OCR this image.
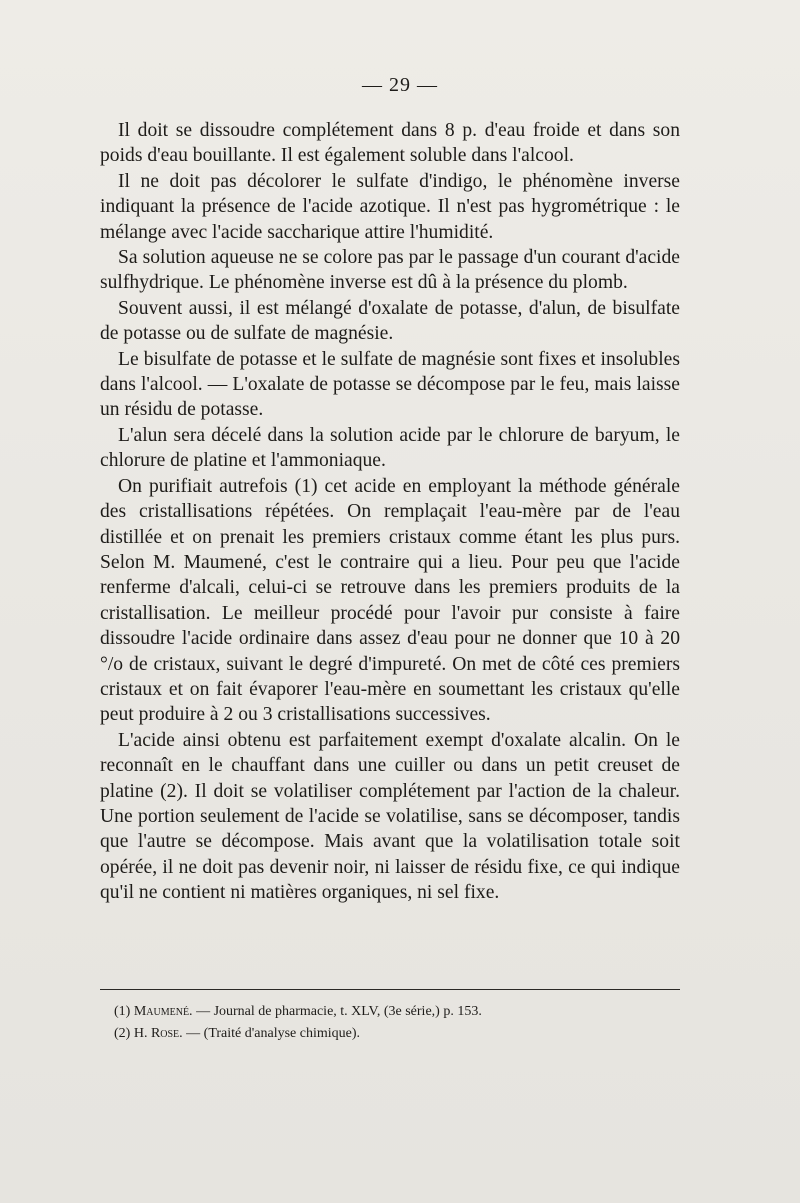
— 29 —

Il doit se dissoudre complétement dans 8 p. d'eau froide et dans son poids d'eau bouillante. Il est également soluble dans l'alcool.

Il ne doit pas décolorer le sulfate d'indigo, le phénomène inverse indiquant la présence de l'acide azotique. Il n'est pas hygrométrique : le mélange avec l'acide saccharique attire l'humidité.

Sa solution aqueuse ne se colore pas par le passage d'un courant d'acide sulfhydrique. Le phénomène inverse est dû à la présence du plomb.

Souvent aussi, il est mélangé d'oxalate de potasse, d'alun, de bisulfate de potasse ou de sulfate de magnésie.

Le bisulfate de potasse et le sulfate de magnésie sont fixes et insolubles dans l'alcool. — L'oxalate de potasse se décompose par le feu, mais laisse un résidu de potasse.

L'alun sera décelé dans la solution acide par le chlorure de baryum, le chlorure de platine et l'ammoniaque.

On purifiait autrefois (1) cet acide en employant la méthode générale des cristallisations répétées. On remplaçait l'eau-mère par de l'eau distillée et on prenait les premiers cristaux comme étant les plus purs. Selon M. Maumené, c'est le contraire qui a lieu. Pour peu que l'acide renferme d'alcali, celui-ci se retrouve dans les premiers produits de la cristallisation. Le meilleur procédé pour l'avoir pur consiste à faire dissoudre l'acide ordinaire dans assez d'eau pour ne donner que 10 à 20 °/o de cristaux, suivant le degré d'impureté. On met de côté ces premiers cristaux et on fait évaporer l'eau-mère en soumettant les cristaux qu'elle peut produire à 2 ou 3 cristallisations successives.

L'acide ainsi obtenu est parfaitement exempt d'oxalate alcalin. On le reconnaît en le chauffant dans une cuiller ou dans un petit creuset de platine (2). Il doit se volatiliser complétement par l'action de la chaleur. Une portion seulement de l'acide se volatilise, sans se décomposer, tandis que l'autre se décompose. Mais avant que la volatilisation totale soit opérée, il ne doit pas devenir noir, ni laisser de résidu fixe, ce qui indique qu'il ne contient ni matières organiques, ni sel fixe.

(1) Maumené. — Journal de pharmacie, t. XLV, (3e série,) p. 153.

(2) H. Rose. — (Traité d'analyse chimique).
